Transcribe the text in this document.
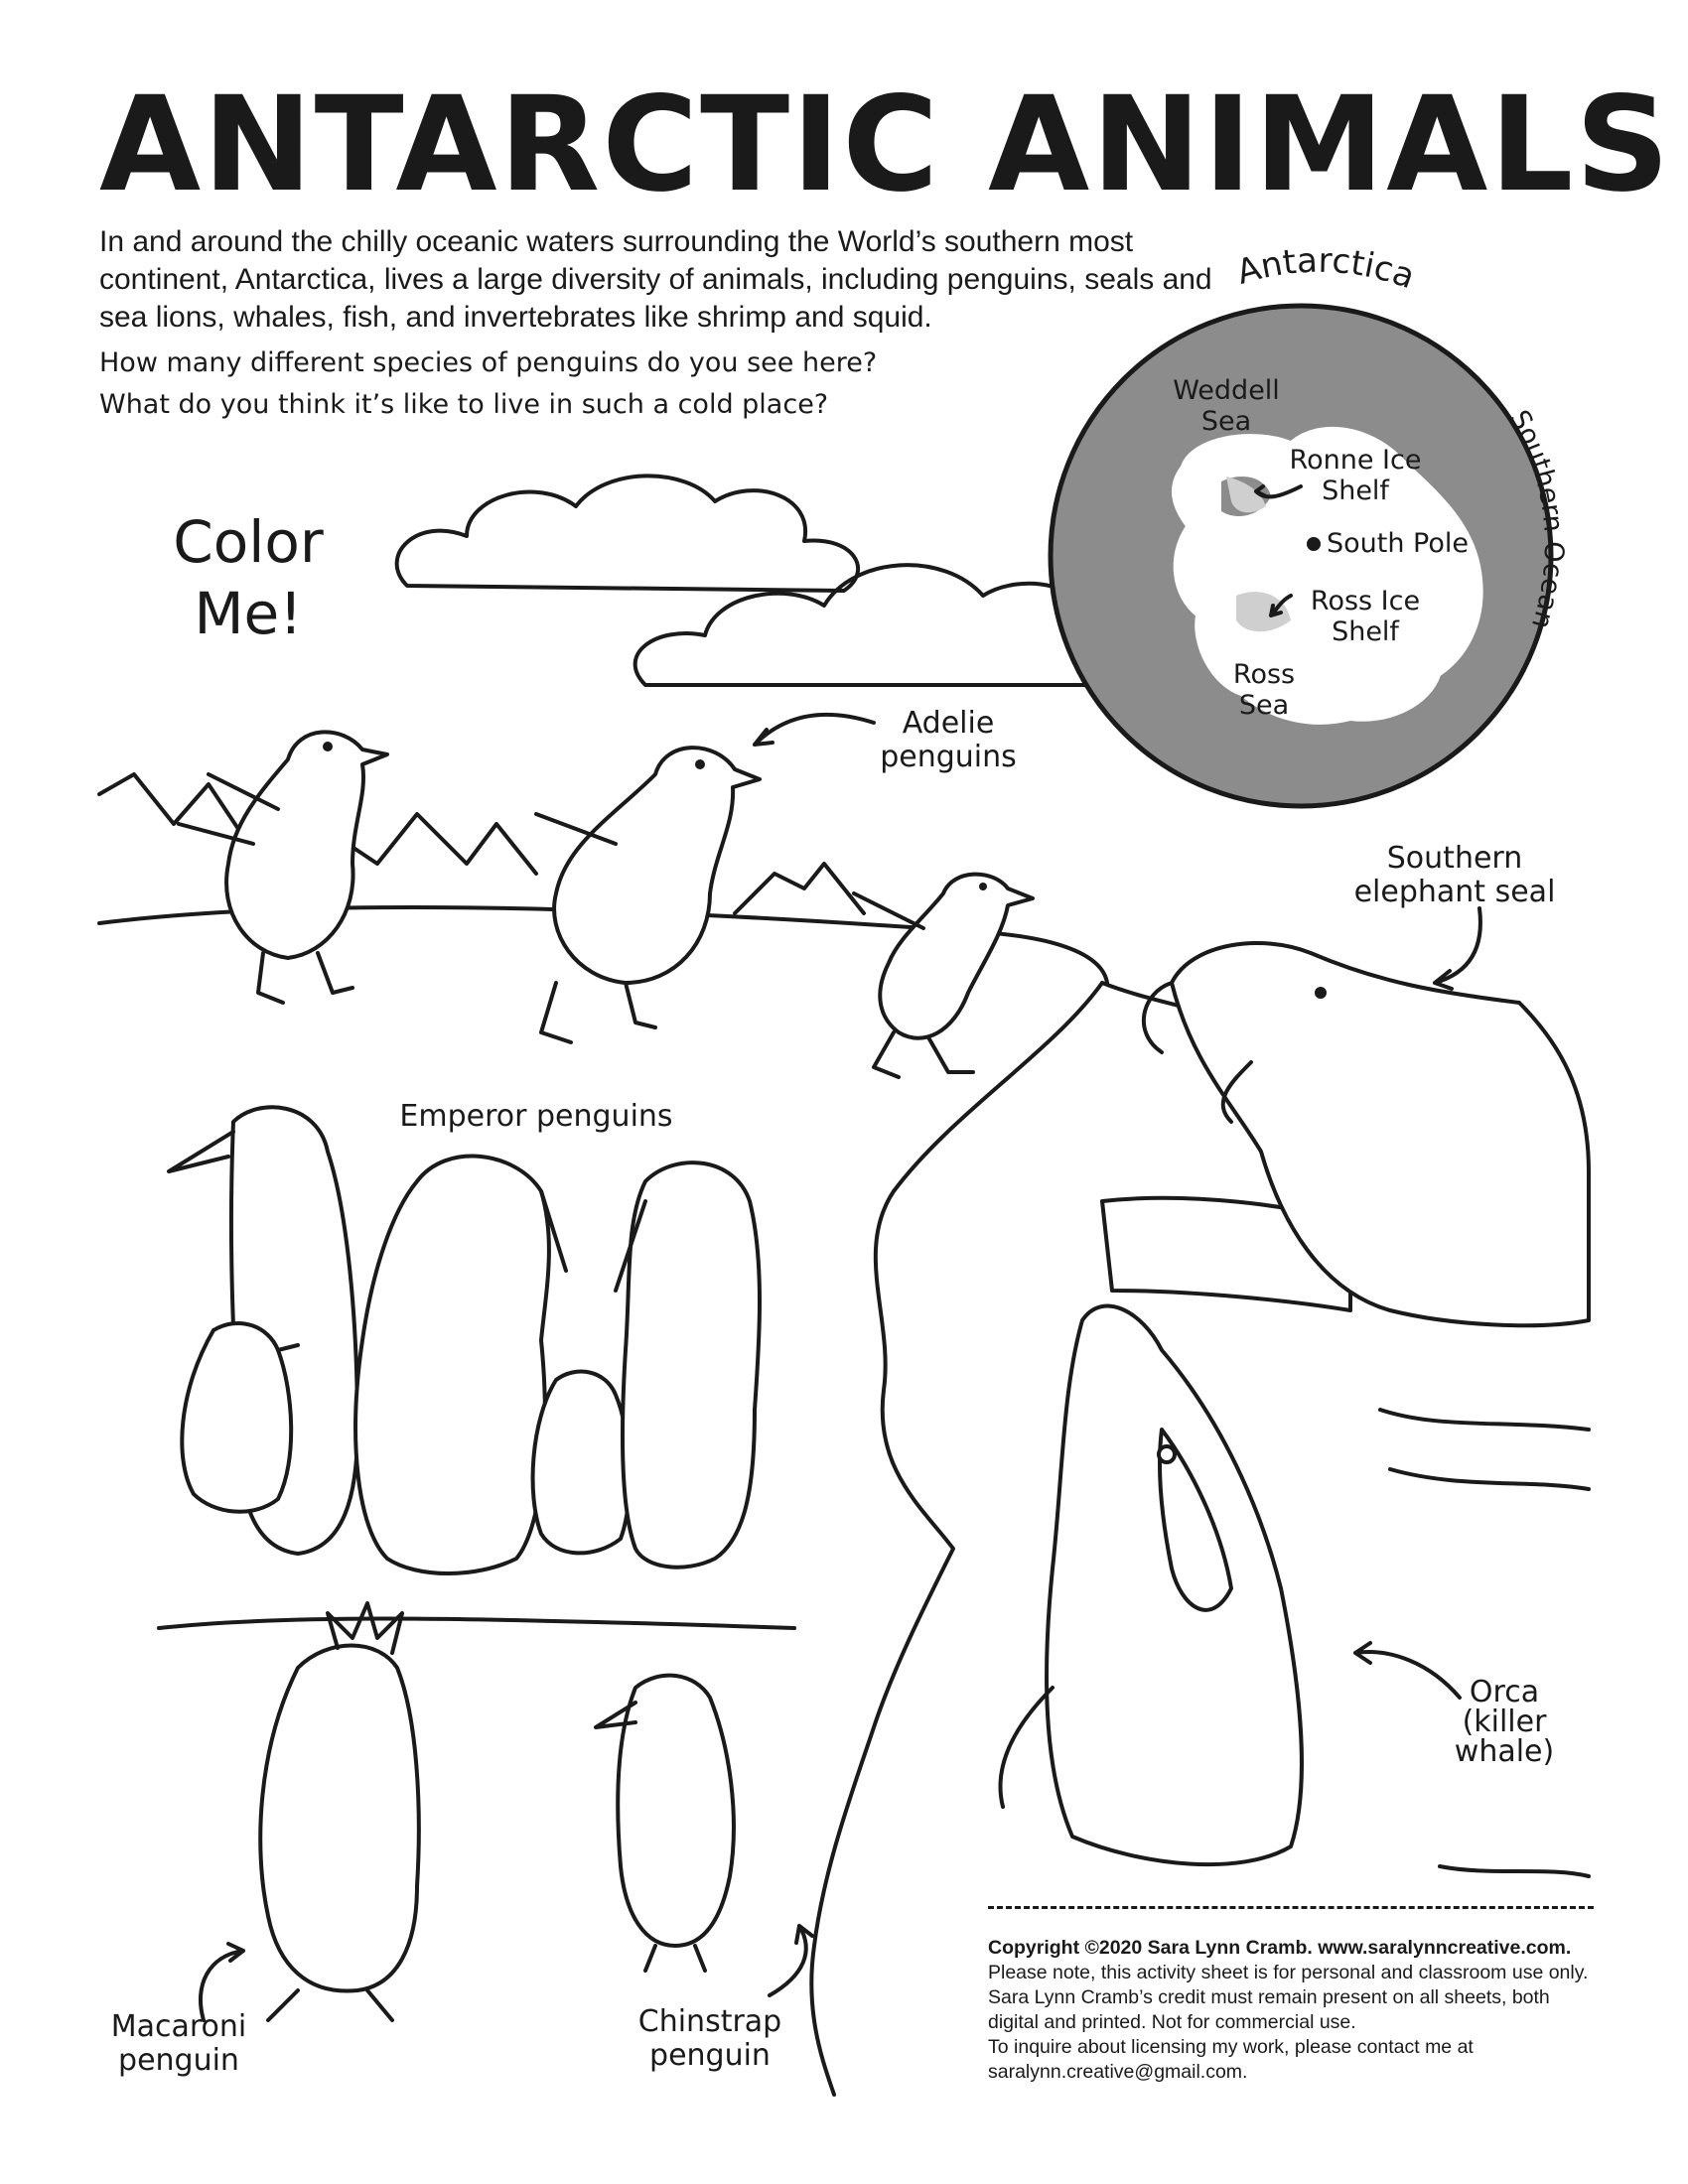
Antarctica
Southern Ocean
ANTARCTIC ANIMALS
In and around the chilly oceanic waters surrounding the World’s southern most continent, Antarctica, lives a large diversity of animals, including penguins, seals and sea lions, whales, fish, and invertebrates like shrimp and squid.
How many different species of penguins do you see here?
What do you think it’s like to live in such a cold place?
Color
Me!
Weddell
Sea
Ronne Ice
Shelf
South Pole
Ross Ice
Shelf
Ross
Sea
Adelie
penguins
Southern
elephant seal
Emperor penguins
Orca
(killer
whale)
Macaroni
penguin
Chinstrap
penguin
Copyright ©2020 Sara Lynn Cramb. www.saralynncreative.com.
Please note, this activity sheet is for personal and classroom use only. Sara Lynn Cramb’s credit must remain present on all sheets, both digital and printed. Not for commercial use.
To inquire about licensing my work, please contact me at saralynn.creative@gmail.com.
